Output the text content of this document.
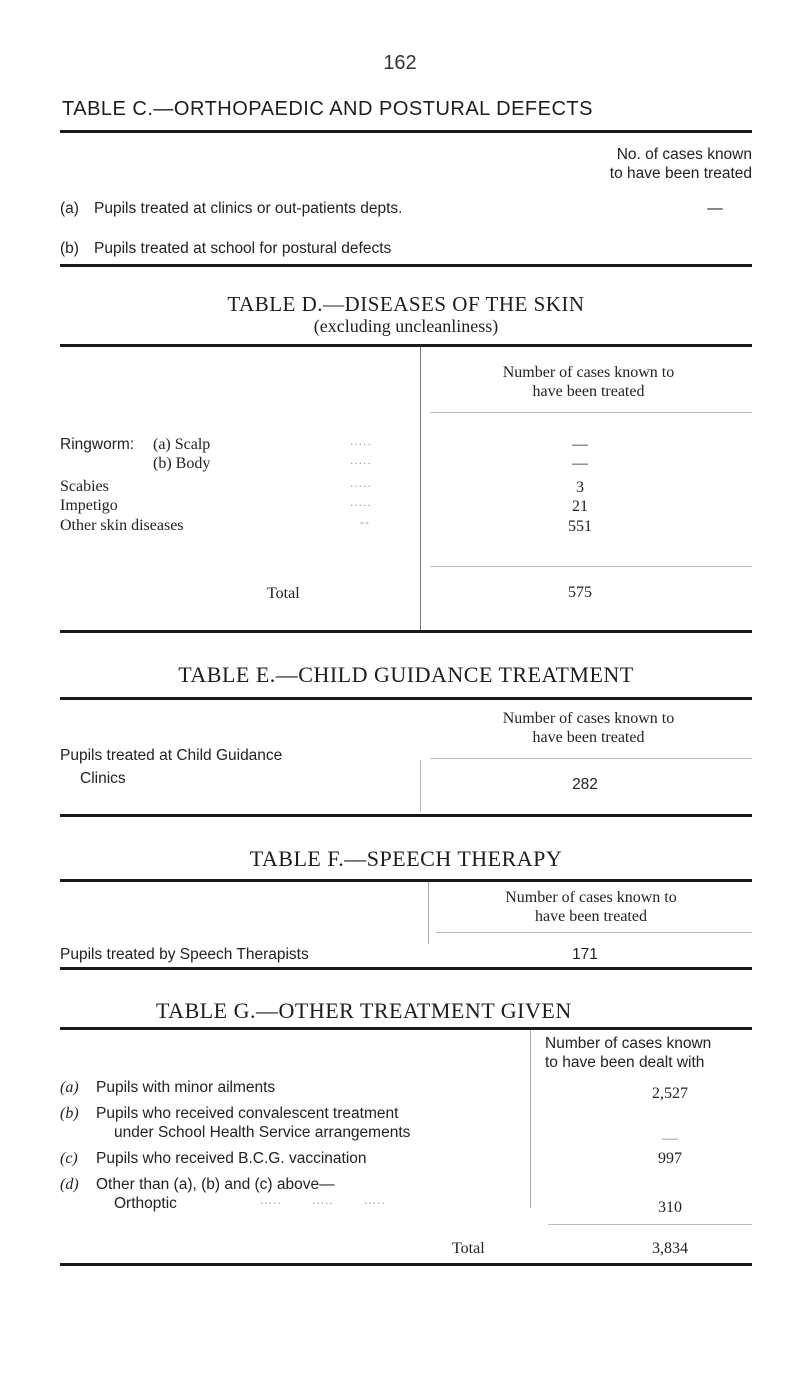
162
TABLE C.—ORTHOPAEDIC AND POSTURAL DEFECTS
No. of cases known
to have been treated
(a) Pupils treated at clinics or out-patients depts.	—
(b) Pupils treated at school for postural defects
TABLE D.—DISEASES OF THE SKIN
(excluding uncleanliness)
Number of cases known to
have been treated
Ringworm: (a) Scalp	.....	—
(b) Body	.....	—
Scabies	.....	3
Impetigo	.....	21
Other skin diseases	--	551
Total	575
TABLE E.—CHILD GUIDANCE TREATMENT
Number of cases known to
have been treated
Pupils treated at Child Guidance
Clinics	282
TABLE F.—SPEECH THERAPY
Number of cases known to
have been treated
Pupils treated by Speech Therapists	171
TABLE G.—OTHER TREATMENT GIVEN
Number of cases known
to have been dealt with
(a) Pupils with minor ailments	2,527
(b) Pupils who received convalescent treatment
under School Health Service arrangements	—
(c) Pupils who received B.C.G. vaccination	997
(d) Other than (a), (b) and (c) above—
Orthoptic	.....       .....       .....	310
Total	3,834
